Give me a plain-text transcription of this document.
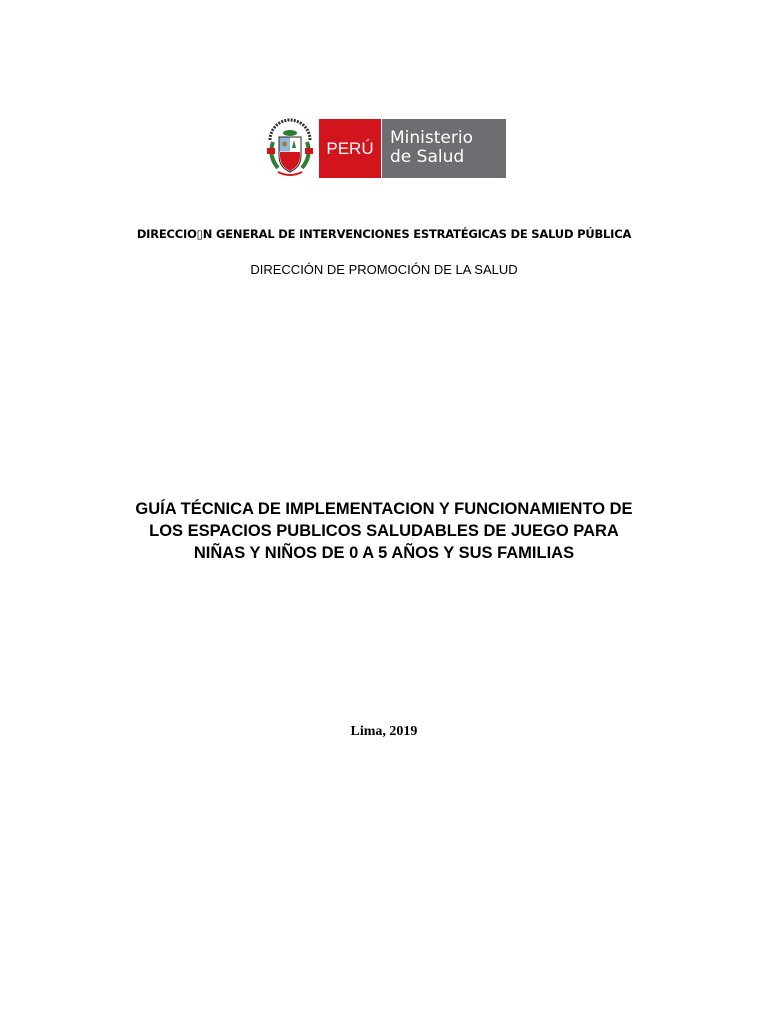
PERÚ Ministerio
de Salud
DIRECCIO▯N GENERAL DE INTERVENCIONES ESTRATÉGICAS DE SALUD PÚBLICA
DIRECCIÓN DE PROMOCIÓN DE LA SALUD
GUÍA TÉCNICA DE IMPLEMENTACION Y FUNCIONAMIENTO DE
LOS ESPACIOS PUBLICOS SALUDABLES DE JUEGO PARA
NIÑAS Y NIÑOS DE 0 A 5 AÑOS Y SUS FAMILIAS
Lima, 2019
